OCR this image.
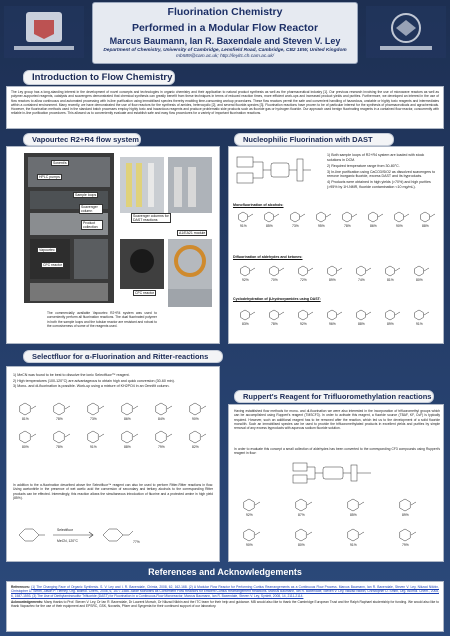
Fluorination Chemistry
Performed in a Modular Flow Reactor
Marcus Baumann, Ian R. Baxendale and Steven V. Ley
Department of Chemistry, University of Cambridge, Lensfield Road, Cambridge, CB2 1EW, United Kingdom
mb589@cam.ac.uk; http://leyitc.ch.cam.ac.uk/
Introduction to Flow Chemistry
The Ley group has a long-standing interest in the development of novel concepts and technologies in organic chemistry and their application to natural product synthesis as well as the pharmaceutical industry [1]. Our previous research involving the use of microwave reactors as well as polymer-supported reagents, catalysts and scavengers demonstrated that chemical synthesis can greatly benefit from these techniques in terms of reduced reaction times, more efficient work-ups and increased product yields and purities. Furthermore, we developed an interest in the use of flow reactors to allow continuous and automated processing with in-line purification using immobilised species thereby enabling time-consuming workup procedures. These flow reactors permit the safe and convenient handling of hazardous, unstable or highly toxic reagents and intermediates within a contained environment. Many recently, we have demonstrated the use of flow reactors for the synthesis of amides, heterocyclic [2], and several fluoride-species [3]. Fluorination reactions have proven to be of particular interest for the synthesis of pharmaceuticals and agrochemicals. However, the fluorination methods used in the standard batch processes employ highly toxic and hazardous reagents and produce problematic side products such as fluoride gas or hydrogen fluoride. Our approach used benign fluorinating reagents in a contained flow reactor, concurrently with reliable in-line purification procedures. This allowed us to conveniently evaluate and establish safe and easy flow procedures for a variety of important fluorination reactions.
Vapourtec R2+R4 flow system
Sovent/s
HPLC pumps
Sample loops
Scavenger column
Product collection
Vapourtec
CFC reactor
Scavenger columns for DAST reactions
A1/EA21 module
CFC reactor
The commercially available Vapourtec R2+R4 system was used to conveniently perform all fluorination reactions. The dual fluorinated polymer in both the sample loops and the tubular reactor are resistant and robust to the corrosiveness of some of the reagents used.
Nucleophilic Fluorination with DAST
1) Both sample loops of R2+R4 system are loaded with stock solutions in DCM.
2) Required temperature range from 30-80°C.
3) In-line purification using CaCO3/SiO2 as dissolved scavengers to remove inorganic fluoride, excess DAST and its byproducts.
4) Products were obtained in high yields (>70%) and high purities (>95% by 1H-NMR, fluoride contamination <10 mg/mL).
Monofluorination of alcohols:
91%	85%	73%	95%	78%	86%	90%	88%
Difluorination of aldehydes and ketones:
92%	70%	72%	89%	74%	81%	80%
Cyclodehydration of β-hydroxyamides using DAST:
83%	78%	92%	96%	88%	89%	91%
Selectfluor for α-Fluorination and Ritter-reactions
1) MeCN was found to be best to dissolve the ionic Selectfluor™ reagent.
2) High temperatures (100-120°C) are advantageous to obtain high and quick conversion (30-60 min).
3) Mono- and di-fluorination is possible. Work-up using a mixture of KH2PO4 in an Omnifit column.
81%	78%	73%	86%	84%	90%
80%	78%	91%	88%	79%	82%
In addition to the α-fluorination described above the Selectfluor™ reagent can also be used to perform Ritter-Ritter reactions in flow. Using acetonitrile in the presence of wet acetic acid the conversion of secondary and tertiary alcohols to the corresponding Ritter products can be effected. Interestingly, this reaction allows the simultaneous introduction of fluorine and a protected amine in high yield (85%).
Selectfluor
MeCN, 120°C	77%
Ruppert's Reagent for Trifluoromethylation reactions
Having established flow methods for mono- and di-fluorination we were also interested in the incorporation of trifluoromethyl groups which can be accomplished using Ruppert's reagent (TMSCF3). In order to activate this reagent, a fluoride source (TBAF, KF, CsF) is typically required. However, such an additional reagent has to be removed after the reaction, which led us to the development of a solid fluoride monolith. Such an immobilised species can be used to provide the trifluoromethylated products in excellent yields and purities by simple removal of any excess byproducts with aqueous sodium fluoride solution.
In order to evaluate this concept a small collection of aldehydes has been converted to the corresponding CF3 compounds using Ruppert's reagent in flow:
92%	87%	85%	89%
90%	80%	91%	79%
References and Acknowledgements
References: (1) The Changing Face of Organic Synthesis. S. V. Ley and I. R. Baxendale, Chimia, 2008, 62, 162-168. (2) A Modular Flow Reactor for Performing Curtius Rearrangements as a Continuous Flow Process. Marcus Baumann, Ian R. Baxendale, Steven V. Ley, Nikzad Nikbin, Christopher D. Smith, Jason P. Tierney, Org. Biomol. Chem., 2008, 6, 1577-1586. Azide Monoliths as Convenient Flow Reactors for Efficient Curtius Rearrangement Reactions. Marcus Baumann, Ian R. Baxendale, Steven V. Ley, Nikzad Nikbin, Christopher D. Smith, Org. Biomol. Chem., 2008, 6, 1587-1593. (3) The Use of Diethylaminosulfur Trifluoride (DAST) for Fluorination in a Continuous-Flow Microreactor, Marcus Baumann, Ian R. Baxendale, Steven V. Ley, Synlett, 2008, 14, 2111-2114.
Acknowledgements: Many thanks to Prof. Steven V. Ley, Dr Ian R. Baxendale, Dr Laurent Morsch, Dr Nikzad Nikbin and the ITC team for their help and guidance. MB would also like to thank the Cambridge European Trust and the Ralph Raphael studentship for funding. We would also like to thank Vapourtec for the use of their equipment and EPSRC, GSK, Novartis, Pfizer and Syngenta for their continued support of our laboratory.
